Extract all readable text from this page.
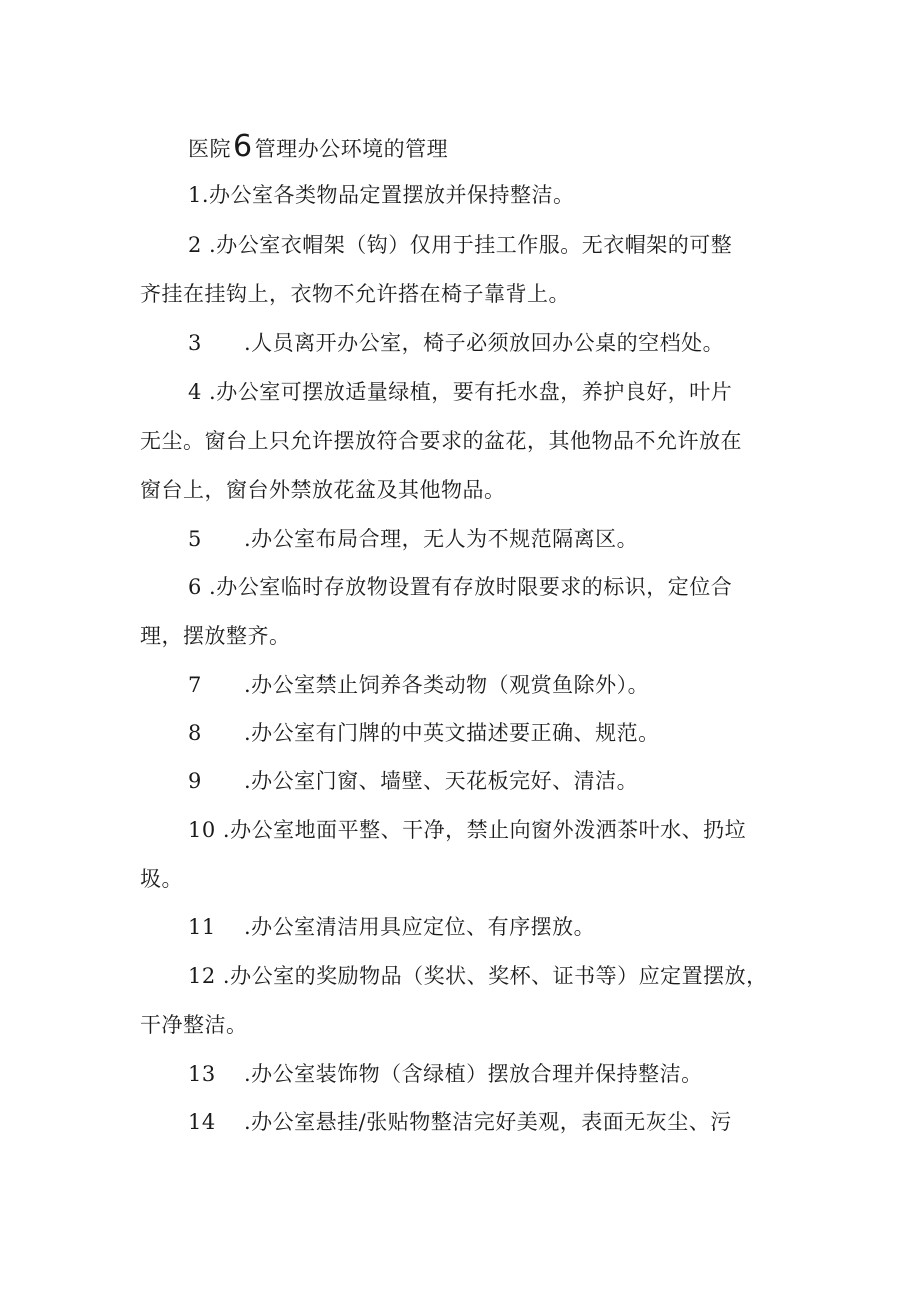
医院6管理办公环境的管理
1.办公室各类物品定置摆放并保持整洁。
2 .办公室衣帽架（钩）仅用于挂工作服。无衣帽架的可整
齐挂在挂钩上，衣物不允许搭在椅子靠背上。
3 .人员离开办公室，椅子必须放回办公桌的空档处。
4 .办公室可摆放适量绿植，要有托水盘，养护良好，叶片
无尘。窗台上只允许摆放符合要求的盆花，其他物品不允许放在
窗台上，窗台外禁放花盆及其他物品。
5 .办公室布局合理，无人为不规范隔离区。
6 .办公室临时存放物设置有存放时限要求的标识，定位合
理，摆放整齐。
7 .办公室禁止饲养各类动物（观赏鱼除外）。
8 .办公室有门牌的中英文描述要正确、规范。
9 .办公室门窗、墙壁、天花板完好、清洁。
10 .办公室地面平整、干净，禁止向窗外泼洒茶叶水、扔垃
圾。
11 .办公室清洁用具应定位、有序摆放。
12 .办公室的奖励物品（奖状、奖杯、证书等）应定置摆放，
干净整洁。
13 .办公室装饰物（含绿植）摆放合理并保持整洁。
14 .办公室悬挂/张贴物整洁完好美观，表面无灰尘、污
